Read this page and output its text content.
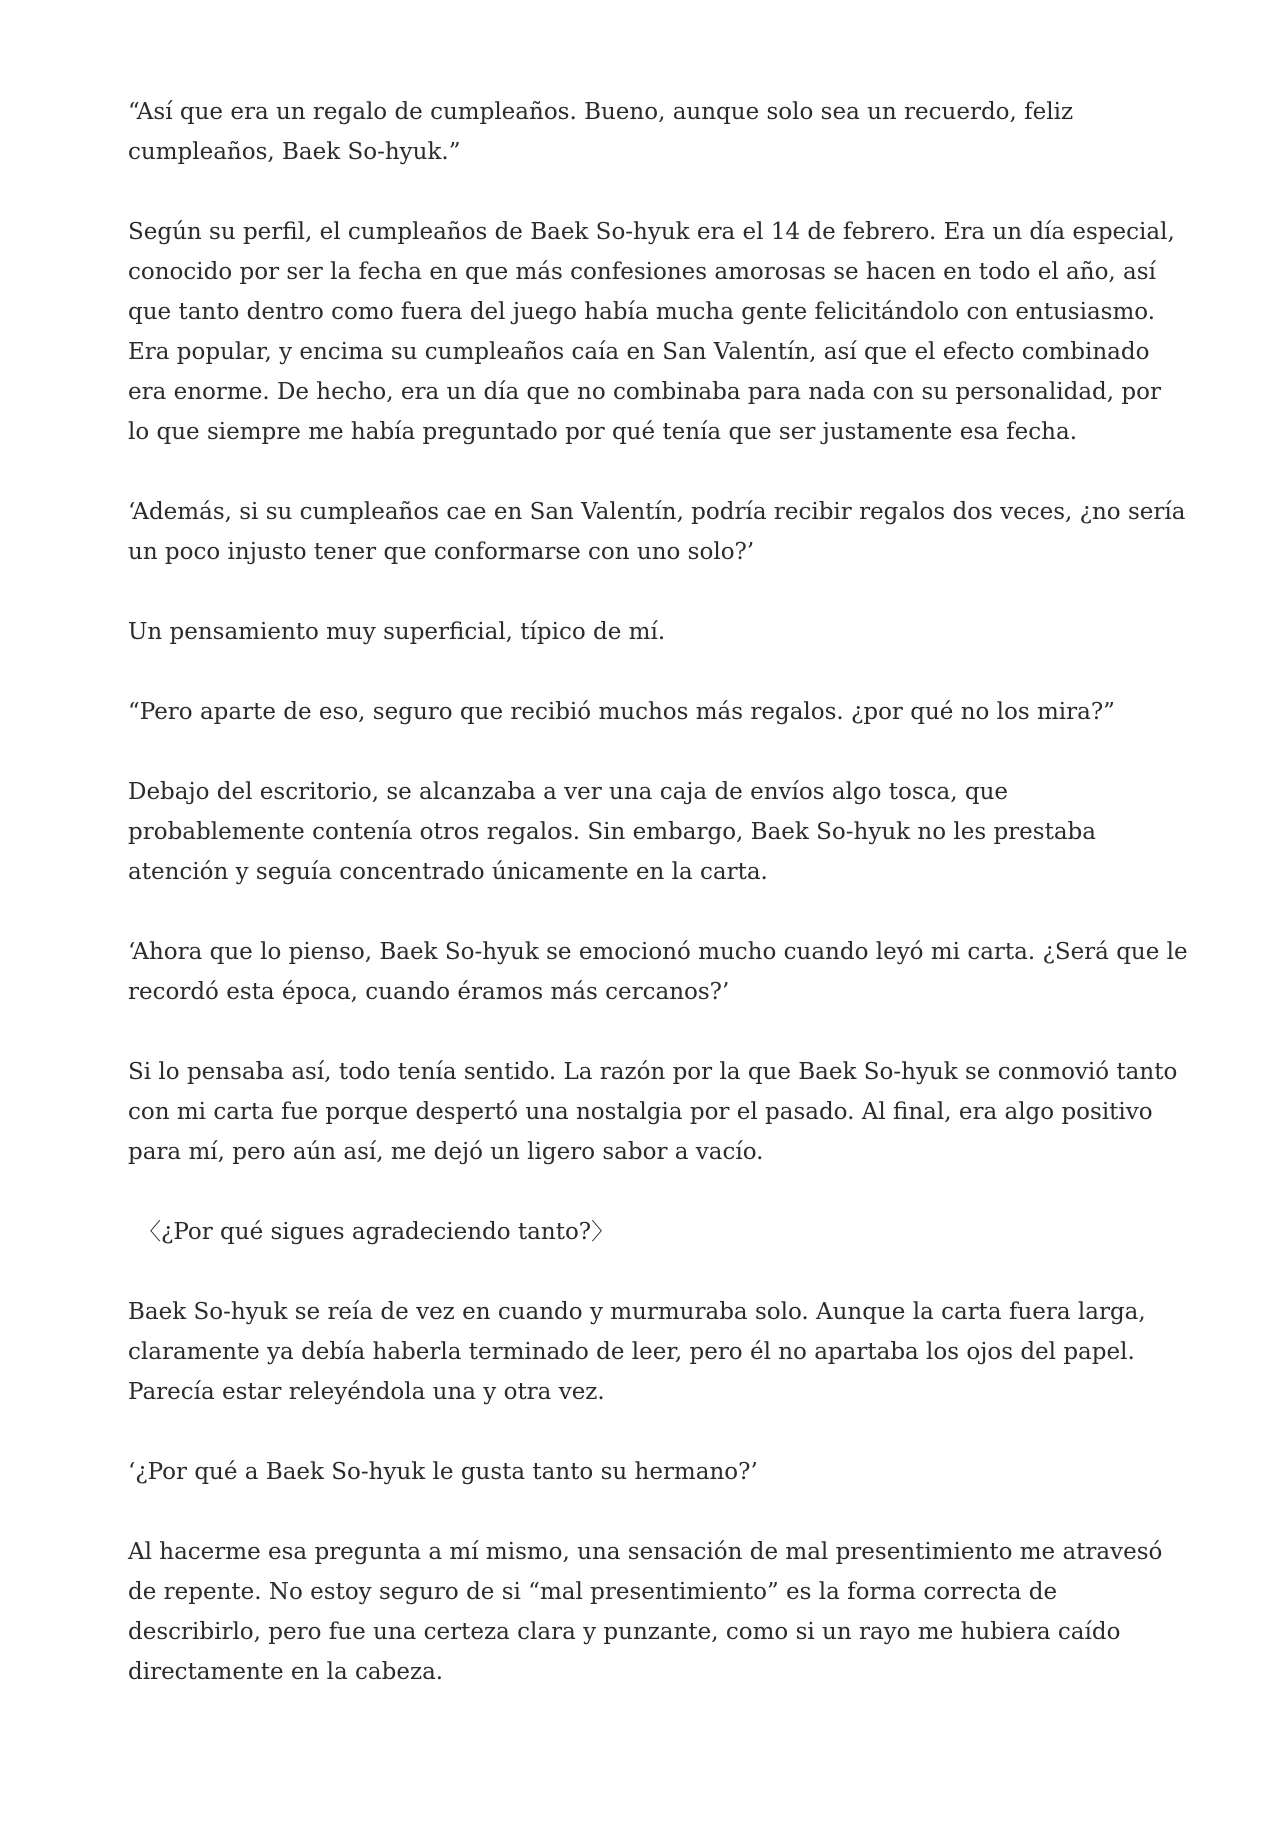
“Así que era un regalo de cumpleaños. Bueno, aunque solo sea un recuerdo, feliz cumpleaños, Baek So-hyuk.”

Según su perfil, el cumpleaños de Baek So-hyuk era el 14 de febrero. Era un día especial, conocido por ser la fecha en que más confesiones amorosas se hacen en todo el año, así que tanto dentro como fuera del juego había mucha gente felicitándolo con entusiasmo. Era popular, y encima su cumpleaños caía en San Valentín, así que el efecto combinado era enorme. De hecho, era un día que no combinaba para nada con su personalidad, por lo que siempre me había preguntado por qué tenía que ser justamente esa fecha.

‘Además, si su cumpleaños cae en San Valentín, podría recibir regalos dos veces, ¿no sería un poco injusto tener que conformarse con uno solo?’

Un pensamiento muy superficial, típico de mí.

“Pero aparte de eso, seguro que recibió muchos más regalos. ¿por qué no los mira?”

Debajo del escritorio, se alcanzaba a ver una caja de envíos algo tosca, que probablemente contenía otros regalos. Sin embargo, Baek So-hyuk no les prestaba atención y seguía concentrado únicamente en la carta.

‘Ahora que lo pienso, Baek So-hyuk se emocionó mucho cuando leyó mi carta. ¿Será que le recordó esta época, cuando éramos más cercanos?’

Si lo pensaba así, todo tenía sentido. La razón por la que Baek So-hyuk se conmovió tanto con mi carta fue porque despertó una nostalgia por el pasado. Al final, era algo positivo para mí, pero aún así, me dejó un ligero sabor a vacío.

〈¿Por qué sigues agradeciendo tanto?〉

Baek So-hyuk se reía de vez en cuando y murmuraba solo. Aunque la carta fuera larga, claramente ya debía haberla terminado de leer, pero él no apartaba los ojos del papel. Parecía estar releyéndola una y otra vez.

‘¿Por qué a Baek So-hyuk le gusta tanto su hermano?’

Al hacerme esa pregunta a mí mismo, una sensación de mal presentimiento me atravesó de repente. No estoy seguro de si “mal presentimiento” es la forma correcta de describirlo, pero fue una certeza clara y punzante, como si un rayo me hubiera caído directamente en la cabeza.
